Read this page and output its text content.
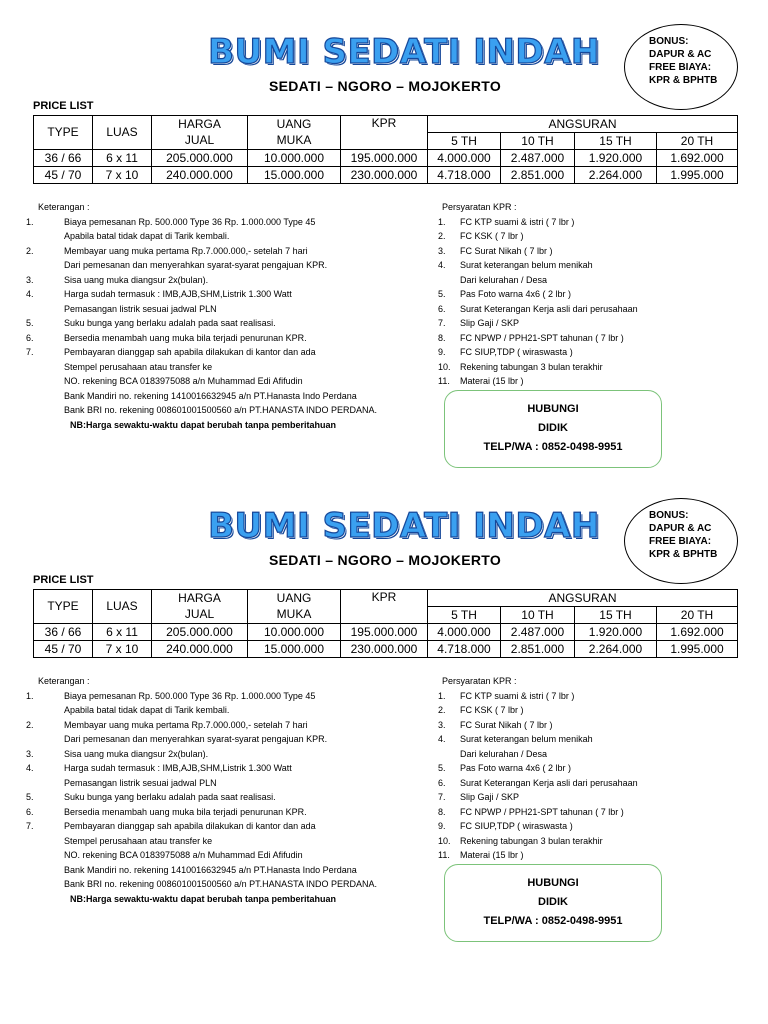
BUMI SEDATI INDAH
SEDATI – NGORO – MOJOKERTO
BONUS:
DAPUR & AC
FREE BIAYA:
KPR & BPHTB
PRICE LIST
TYPE	LUAS	HARGA	UANG	KPR	ANGSURAN			
		JUAL	MUKA		5 TH	10 TH	15 TH	20 TH
36 / 66	6 x 11	205.000.000	10.000.000	195.000.000	4.000.000	2.487.000	1.920.000	1.692.000
45 / 70	7 x 10	240.000.000	15.000.000	230.000.000	4.718.000	2.851.000	2.264.000	1.995.000
Keterangan :
1.	Biaya pemesanan Rp. 500.000 Type 36 Rp. 1.000.000 Type 45
Apabila batal tidak dapat di Tarik kembali.
2.	Membayar uang muka pertama Rp.7.000.000,- setelah 7 hari
Dari pemesanan dan menyerahkan syarat-syarat pengajuan KPR.
3.	Sisa uang muka diangsur 2x(bulan).
4.	Harga sudah termasuk : IMB,AJB,SHM,Listrik 1.300 Watt
Pemasangan listrik sesuai jadwal PLN
5.	Suku bunga yang berlaku adalah pada saat realisasi.
6.	Bersedia menambah uang muka bila terjadi penurunan KPR.
7.	Pembayaran dianggap sah apabila dilakukan di kantor dan ada
Stempel perusahaan atau transfer ke
NO. rekening BCA 0183975088 a/n Muhammad Edi Afifudin
Bank Mandiri no. rekening 1410016632945 a/n PT.Hanasta Indo Perdana
Bank BRI no. rekening 008601001500560 a/n PT.HANASTA INDO PERDANA.
NB:Harga sewaktu-waktu dapat berubah tanpa pemberitahuan
Persyaratan KPR :
1.	FC KTP suami & istri ( 7 lbr )
2.	FC KSK ( 7 lbr )
3.	FC Surat Nikah ( 7 lbr )
4.	Surat keterangan belum menikah
Dari kelurahan / Desa
5.	Pas Foto warna 4x6 ( 2 lbr )
6.	Surat Keterangan Kerja asli dari perusahaan
7.	Slip Gaji / SKP
8.	FC NPWP / PPH21-SPT tahunan ( 7 lbr )
9.	FC SIUP,TDP ( wiraswasta )
10.	Rekening tabungan 3 bulan terakhir
11.	Materai (15 lbr )
HUBUNGI
DIDIK
TELP/WA : 0852-0498-9951
BUMI SEDATI INDAH
SEDATI – NGORO – MOJOKERTO
BONUS:
DAPUR & AC
FREE BIAYA:
KPR & BPHTB
PRICE LIST
TYPE	LUAS	HARGA	UANG	KPR	ANGSURAN			
		JUAL	MUKA		5 TH	10 TH	15 TH	20 TH
36 / 66	6 x 11	205.000.000	10.000.000	195.000.000	4.000.000	2.487.000	1.920.000	1.692.000
45 / 70	7 x 10	240.000.000	15.000.000	230.000.000	4.718.000	2.851.000	2.264.000	1.995.000
Keterangan :
1.	Biaya pemesanan Rp. 500.000 Type 36 Rp. 1.000.000 Type 45
Apabila batal tidak dapat di Tarik kembali.
2.	Membayar uang muka pertama Rp.7.000.000,- setelah 7 hari
Dari pemesanan dan menyerahkan syarat-syarat pengajuan KPR.
3.	Sisa uang muka diangsur 2x(bulan).
4.	Harga sudah termasuk : IMB,AJB,SHM,Listrik 1.300 Watt
Pemasangan listrik sesuai jadwal PLN
5.	Suku bunga yang berlaku adalah pada saat realisasi.
6.	Bersedia menambah uang muka bila terjadi penurunan KPR.
7.	Pembayaran dianggap sah apabila dilakukan di kantor dan ada
Stempel perusahaan atau transfer ke
NO. rekening BCA 0183975088 a/n Muhammad Edi Afifudin
Bank Mandiri no. rekening 1410016632945 a/n PT.Hanasta Indo Perdana
Bank BRI no. rekening 008601001500560 a/n PT.HANASTA INDO PERDANA.
NB:Harga sewaktu-waktu dapat berubah tanpa pemberitahuan
Persyaratan KPR :
1.	FC KTP suami & istri ( 7 lbr )
2.	FC KSK ( 7 lbr )
3.	FC Surat Nikah ( 7 lbr )
4.	Surat keterangan belum menikah
Dari kelurahan / Desa
5.	Pas Foto warna 4x6 ( 2 lbr )
6.	Surat Keterangan Kerja asli dari perusahaan
7.	Slip Gaji / SKP
8.	FC NPWP / PPH21-SPT tahunan ( 7 lbr )
9.	FC SIUP,TDP ( wiraswasta )
10.	Rekening tabungan 3 bulan terakhir
11.	Materai (15 lbr )
HUBUNGI
DIDIK
TELP/WA : 0852-0498-9951
